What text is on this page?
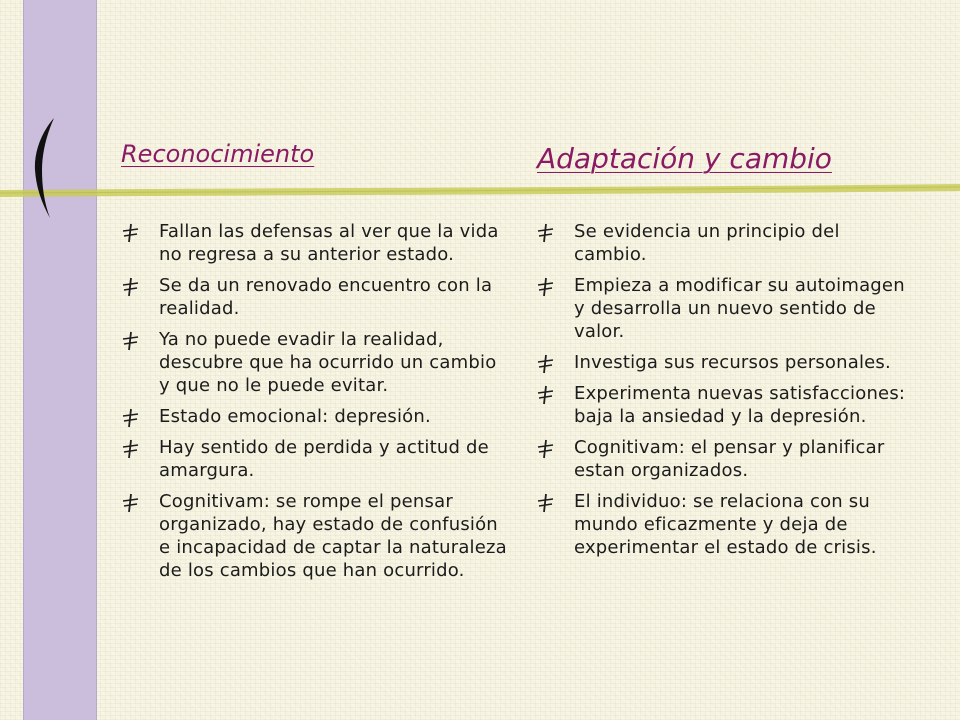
Reconocimiento	Adaptación y cambio
Fallan las defensas al ver que la vida no regresa a su anterior estado.
Se da un renovado encuentro con la realidad.
Ya no puede evadir la realidad, descubre que ha ocurrido un cambio y que no le puede evitar.
Estado emocional: depresión.
Hay sentido de perdida y actitud de amargura.
Cognitivam: se rompe el pensar organizado, hay estado de confusión e incapacidad de captar la naturaleza de los cambios que han ocurrido.
Se evidencia un principio del cambio.
Empieza a modificar su autoimagen y desarrolla un nuevo sentido de valor.
Investiga sus recursos personales.
Experimenta nuevas satisfacciones: baja la ansiedad y la depresión.
Cognitivam: el pensar y planificar estan organizados.
El individuo: se relaciona con su mundo eficazmente y deja de experimentar el estado de crisis.
